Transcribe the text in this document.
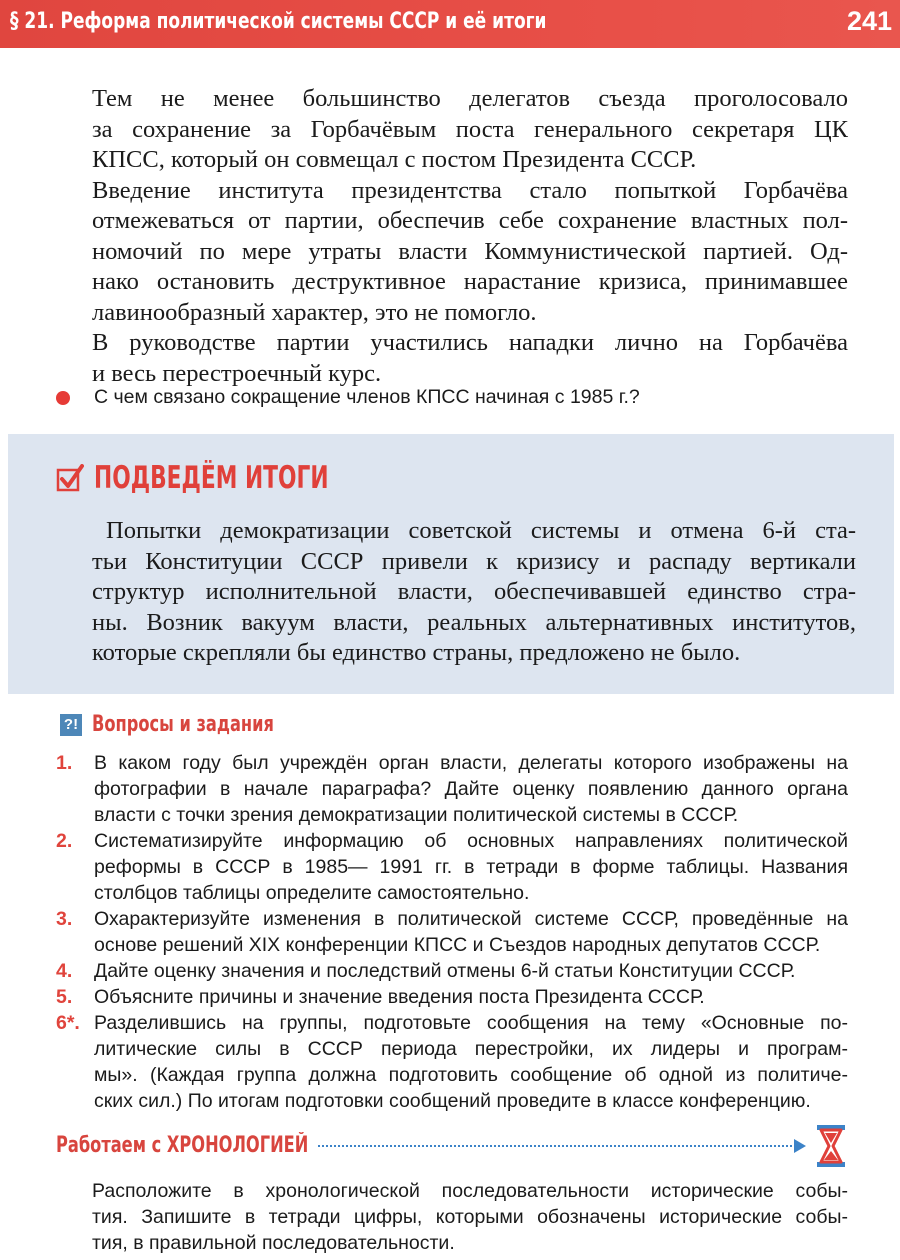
§ 21. Реформа политической системы СССР и её итоги	241

Тем не менее большинство делегатов съезда проголосовало
за сохранение за Горбачёвым поста генерального секретаря ЦК
КПСС, который он совмещал с постом Президента СССР.

Введение института президентства стало попыткой Горбачёва
отмежеваться от партии, обеспечив себе сохранение властных пол-
номочий по мере утраты власти Коммунистической партией. Од-
нако остановить деструктивное нарастание кризиса, принимавшее
лавинообразный характер, это не помогло.

В руководстве партии участились нападки лично на Горбачёва
и весь перестроечный курс.

С чем связано сокращение членов КПСС начиная с 1985 г.?
ПОДВЕДЁМ ИТОГИ
Попытки демократизации советской системы и отмена 6-й ста-
тьи Конституции СССР привели к кризису и распаду вертикали
структур исполнительной власти, обеспечивавшей единство стра-
ны. Возник вакуум власти, реальных альтернативных институтов,
которые скрепляли бы единство страны, предложено не было.
?! Вопросы и задания
1. В каком году был учреждён орган власти, делегаты которого изображены на
фотографии в начале параграфа? Дайте оценку появлению данного органа
власти с точки зрения демократизации политической системы в СССР.
2. Систематизируйте информацию об основных направлениях политической
реформы в СССР в 1985— 1991 гг. в тетради в форме таблицы. Названия
столбцов таблицы определите самостоятельно.
3. Охарактеризуйте изменения в политической системе СССР, проведённые на
основе решений XIX конференции КПСС и Съездов народных депутатов СССР.
4. Дайте оценку значения и последствий отмены 6-й статьи Конституции СССР.
5. Объясните причины и значение введения поста Президента СССР.
6*. Разделившись на группы, подготовьте сообщения на тему «Основные по-
литические силы в СССР периода перестройки, их лидеры и програм-
мы». (Каждая группа должна подготовить сообщение об одной из политиче-
ских сил.) По итогам подготовки сообщений проведите в классе конференцию.
Работаем с ХРОНОЛОГИЕЙ
Расположите в хронологической последовательности исторические собы-
тия. Запишите в тетради цифры, которыми обозначены исторические собы-
тия, в правильной последовательности.
